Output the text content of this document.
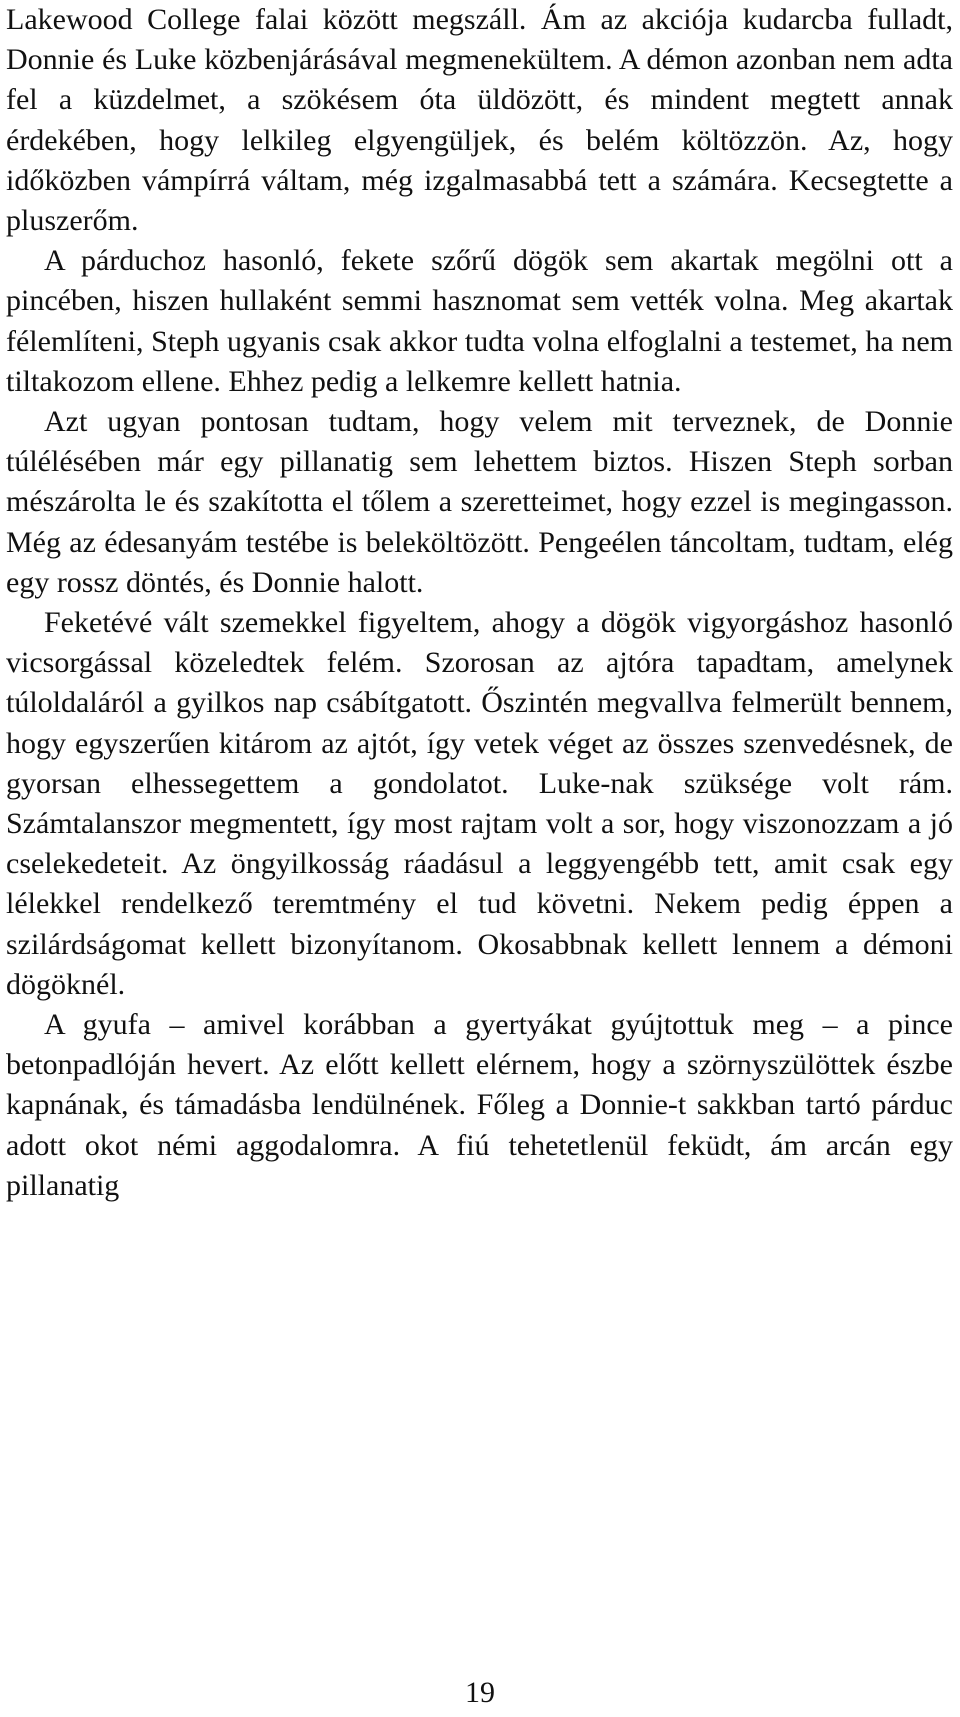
Lakewood College falai között megszáll. Ám az akciója kudarcba fulladt, Donnie és Luke közbenjárásával megmenekültem. A démon azonban nem adta fel a küzdelmet, a szökésem óta üldözött, és mindent megtett annak érdekében, hogy lelkileg elgyengüljek, és belém költözzön. Az, hogy időközben vámpírrá váltam, még izgalmasabbá tett a számára. Kecsegtette a pluszerőm.

A párduchoz hasonló, fekete szőrű dögök sem akartak megölni ott a pincében, hiszen hullaként semmi hasznomat sem vették volna. Meg akartak félemlíteni, Steph ugyanis csak akkor tudta volna elfoglalni a testemet, ha nem tiltakozom ellene. Ehhez pedig a lelkemre kellett hatnia.

Azt ugyan pontosan tudtam, hogy velem mit terveznek, de Donnie túlélésében már egy pillanatig sem lehettem biztos. Hiszen Steph sorban mészárolta le és szakította el tőlem a szeretteimet, hogy ezzel is megingasson. Még az édesanyám testébe is beleköltözött. Pengeélen táncoltam, tudtam, elég egy rossz döntés, és Donnie halott.

Feketévé vált szemekkel figyeltem, ahogy a dögök vigyorgáshoz hasonló vicsorgással közeledtek felém. Szorosan az ajtóra tapadtam, amelynek túloldaláról a gyilkos nap csábítgatott. Őszintén megvallva felmerült bennem, hogy egyszerűen kitárom az ajtót, így vetek véget az összes szenvedésnek, de gyorsan elhessegettem a gondolatot. Luke-nak szüksége volt rám. Számtalanszor megmentett, így most rajtam volt a sor, hogy viszonozzam a jó cselekedeteit. Az öngyilkosság ráadásul a leggyengébb tett, amit csak egy lélekkel rendelkező teremtmény el tud követni. Nekem pedig éppen a szilárdságomat kellett bizonyítanom. Okosabbnak kellett lennem a démoni dögöknél.

A gyufa – amivel korábban a gyertyákat gyújtottuk meg – a pince betonpadlóján hevert. Az előtt kellett elérnem, hogy a szörnyszülöttek észbe kapnának, és támadásba lendülnének. Főleg a Donnie-t sakkban tartó párduc adott okot némi aggodalomra. A fiú tehetetlenül feküdt, ám arcán egy pillanatig

19
